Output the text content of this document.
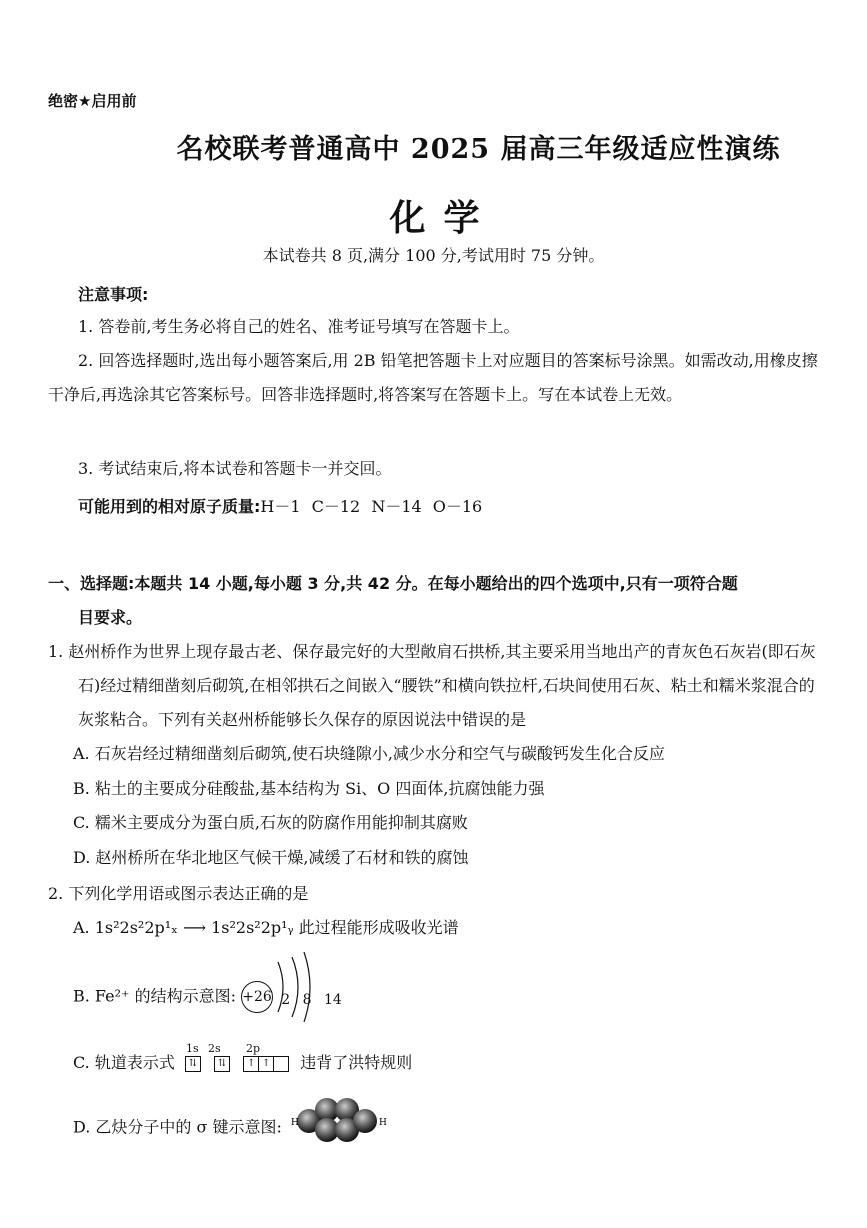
绝密★启用前
名校联考普通高中 2025 届高三年级适应性演练
化学
本试卷共 8 页,满分 100 分,考试用时 75 分钟。
注意事项:
1. 答卷前,考生务必将自己的姓名、准考证号填写在答题卡上。
2. 回答选择题时,选出每小题答案后,用 2B 铅笔把答题卡上对应题目的答案标号涂黑。如需改动,用橡皮擦干净后,再选涂其它答案标号。回答非选择题时,将答案写在答题卡上。写在本试卷上无效。
3. 考试结束后,将本试卷和答题卡一并交回。
可能用到的相对原子质量:H－1 C－12 N－14 O－16
一、选择题:本题共 14 小题,每小题 3 分,共 42 分。在每小题给出的四个选项中,只有一项符合题
目要求。
1. 赵州桥作为世界上现存最古老、保存最完好的大型敞肩石拱桥,其主要采用当地出产的青灰色石灰岩(即石灰石)经过精细凿刻后砌筑,在相邻拱石之间嵌入“腰铁”和横向铁拉杆,石块间使用石灰、粘土和糯米浆混合的灰浆粘合。下列有关赵州桥能够长久保存的原因说法中错误的是
A. 石灰岩经过精细凿刻后砌筑,使石块缝隙小,减少水分和空气与碳酸钙发生化合反应
B. 粘土的主要成分硅酸盐,基本结构为 Si、O 四面体,抗腐蚀能力强
C. 糯米主要成分为蛋白质,石灰的防腐作用能抑制其腐败
D. 赵州桥所在华北地区气候干燥,减缓了石材和铁的腐蚀
2. 下列化学用语或图示表达正确的是
A. 1s²2s²2p¹ₓ ⟶ 1s²2s²2p¹ᵧ 此过程能形成吸收光谱
B. Fe²⁺ 的结构示意图: +26 2 8 14
C. 轨道表示式
1s 2s 2p
⇅ ⇅ ↑ ↑ 违背了洪特规则
D. 乙炔分子中的 σ 键示意图: H	H
